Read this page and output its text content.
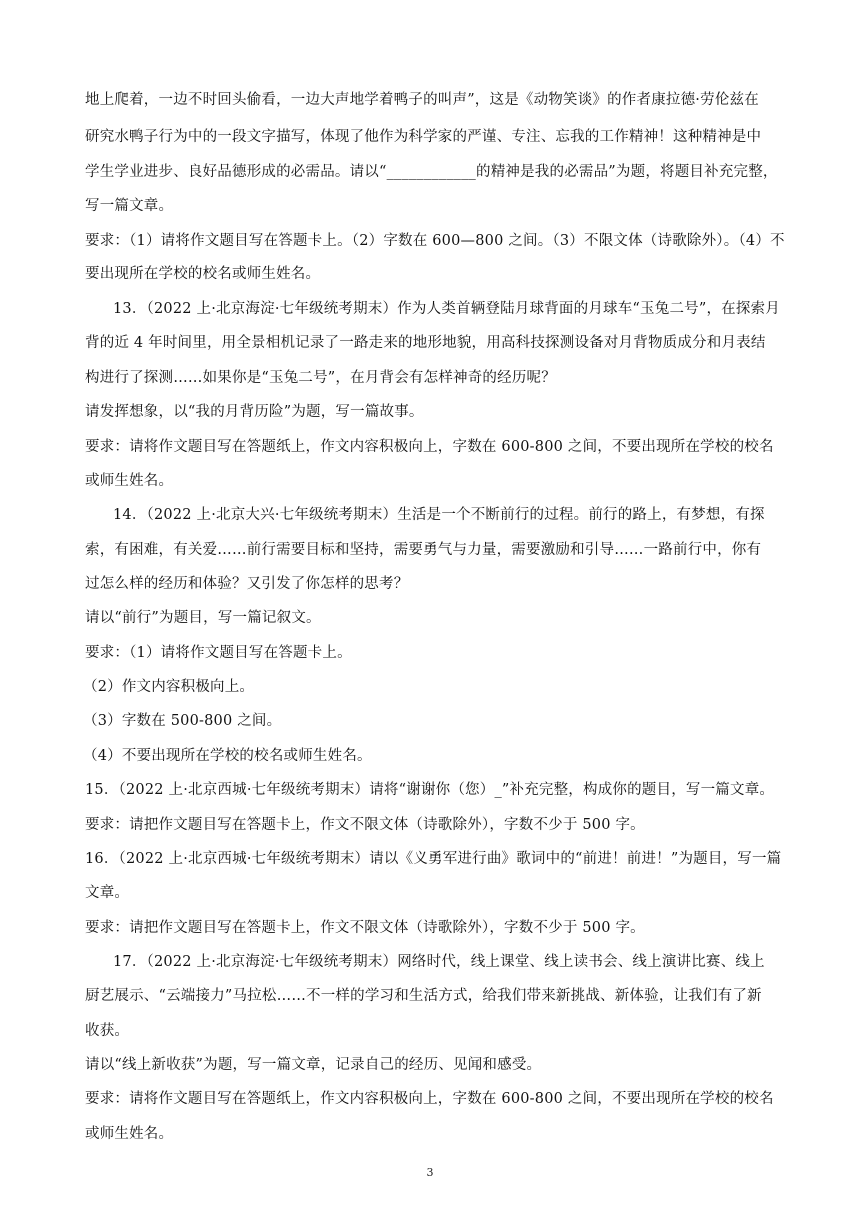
地上爬着，一边不时回头偷看，一边大声地学着鸭子的叫声”，这是《动物笑谈》的作者康拉德·劳伦兹在
研究水鸭子行为中的一段文字描写，体现了他作为科学家的严谨、专注、忘我的工作精神！这种精神是中
学生学业进步、良好品德形成的必需品。请以“____________的精神是我的必需品”为题，将题目补充完整，
写一篇文章。
要求：（1）请将作文题目写在答题卡上。（2）字数在 600—800 之间。（3）不限文体（诗歌除外）。（4）不
要出现所在学校的校名或师生姓名。
13．（2022 上·北京海淀·七年级统考期末）作为人类首辆登陆月球背面的月球车“玉兔二号”，在探索月
背的近 4 年时间里，用全景相机记录了一路走来的地形地貌，用高科技探测设备对月背物质成分和月表结
构进行了探测……如果你是“玉兔二号”，在月背会有怎样神奇的经历呢？
请发挥想象，以“我的月背历险”为题，写一篇故事。
要求：请将作文题目写在答题纸上，作文内容积极向上，字数在 600-800 之间，不要出现所在学校的校名
或师生姓名。
14．（2022 上·北京大兴·七年级统考期末）生活是一个不断前行的过程。前行的路上，有梦想，有探
索，有困难，有关爱……前行需要目标和坚持，需要勇气与力量，需要激励和引导……一路前行中，你有
过怎么样的经历和体验？又引发了你怎样的思考？
请以“前行”为题目，写一篇记叙文。
要求：（1）请将作文题目写在答题卡上。
（2）作文内容积极向上。
（3）字数在 500-800 之间。
（4）不要出现所在学校的校名或师生姓名。
15．（2022 上·北京西城·七年级统考期末）请将“谢谢你（您）_”补充完整，构成你的题目，写一篇文章。
要求：请把作文题目写在答题卡上，作文不限文体（诗歌除外），字数不少于 500 字。
16．（2022 上·北京西城·七年级统考期末）请以《义勇军进行曲》歌词中的“前进！前进！”为题目，写一篇
文章。
要求：请把作文题目写在答题卡上，作文不限文体（诗歌除外），字数不少于 500 字。
17．（2022 上·北京海淀·七年级统考期末）网络时代，线上课堂、线上读书会、线上演讲比赛、线上
厨艺展示、“云端接力”马拉松……不一样的学习和生活方式，给我们带来新挑战、新体验，让我们有了新
收获。
请以“线上新收获”为题，写一篇文章，记录自己的经历、见闻和感受。
要求：请将作文题目写在答题纸上，作文内容积极向上，字数在 600-800 之间，不要出现所在学校的校名
或师生姓名。
3
